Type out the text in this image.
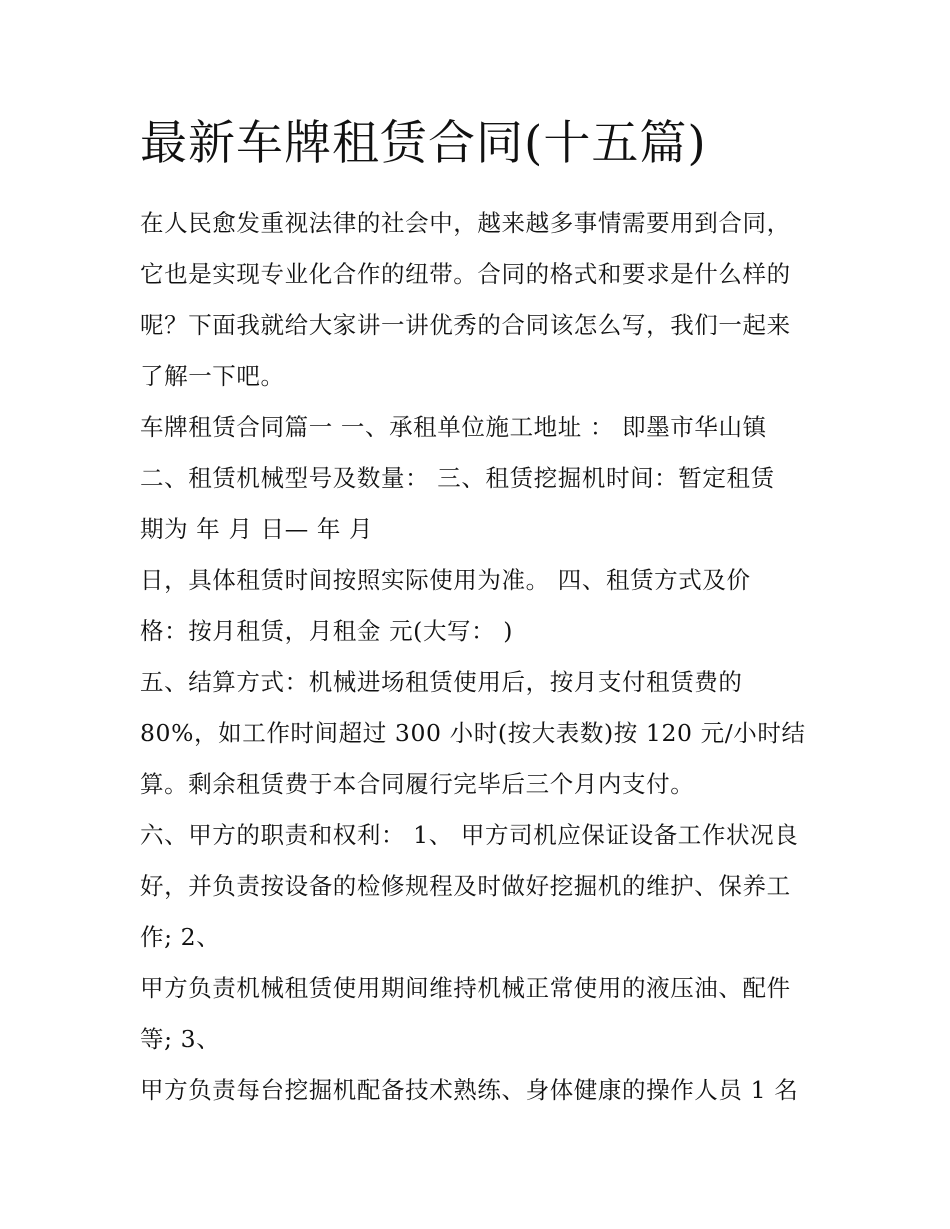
最新车牌租赁合同(十五篇)
在人民愈发重视法律的社会中，越来越多事情需要用到合同，
它也是实现专业化合作的纽带。合同的格式和要求是什么样的
呢？下面我就给大家讲一讲优秀的合同该怎么写，我们一起来
了解一下吧。
车牌租赁合同篇一 一、承租单位施工地址 ： 即墨市华山镇
二、租赁机械型号及数量： 三、租赁挖掘机时间：暂定租赁
期为 年 月 日— 年 月
日，具体租赁时间按照实际使用为准。 四、租赁方式及价
格：按月租赁，月租金 元(大写： )
五、结算方式：机械进场租赁使用后，按月支付租赁费的
80%，如工作时间超过 300 小时(按大表数)按 120 元/小时结
算。剩余租赁费于本合同履行完毕后三个月内支付。
六、甲方的职责和权利： 1、 甲方司机应保证设备工作状况良
好，并负责按设备的检修规程及时做好挖掘机的维护、保养工
作; 2、
甲方负责机械租赁使用期间维持机械正常使用的液压油、配件
等; 3、
甲方负责每台挖掘机配备技术熟练、身体健康的操作人员 1 名
